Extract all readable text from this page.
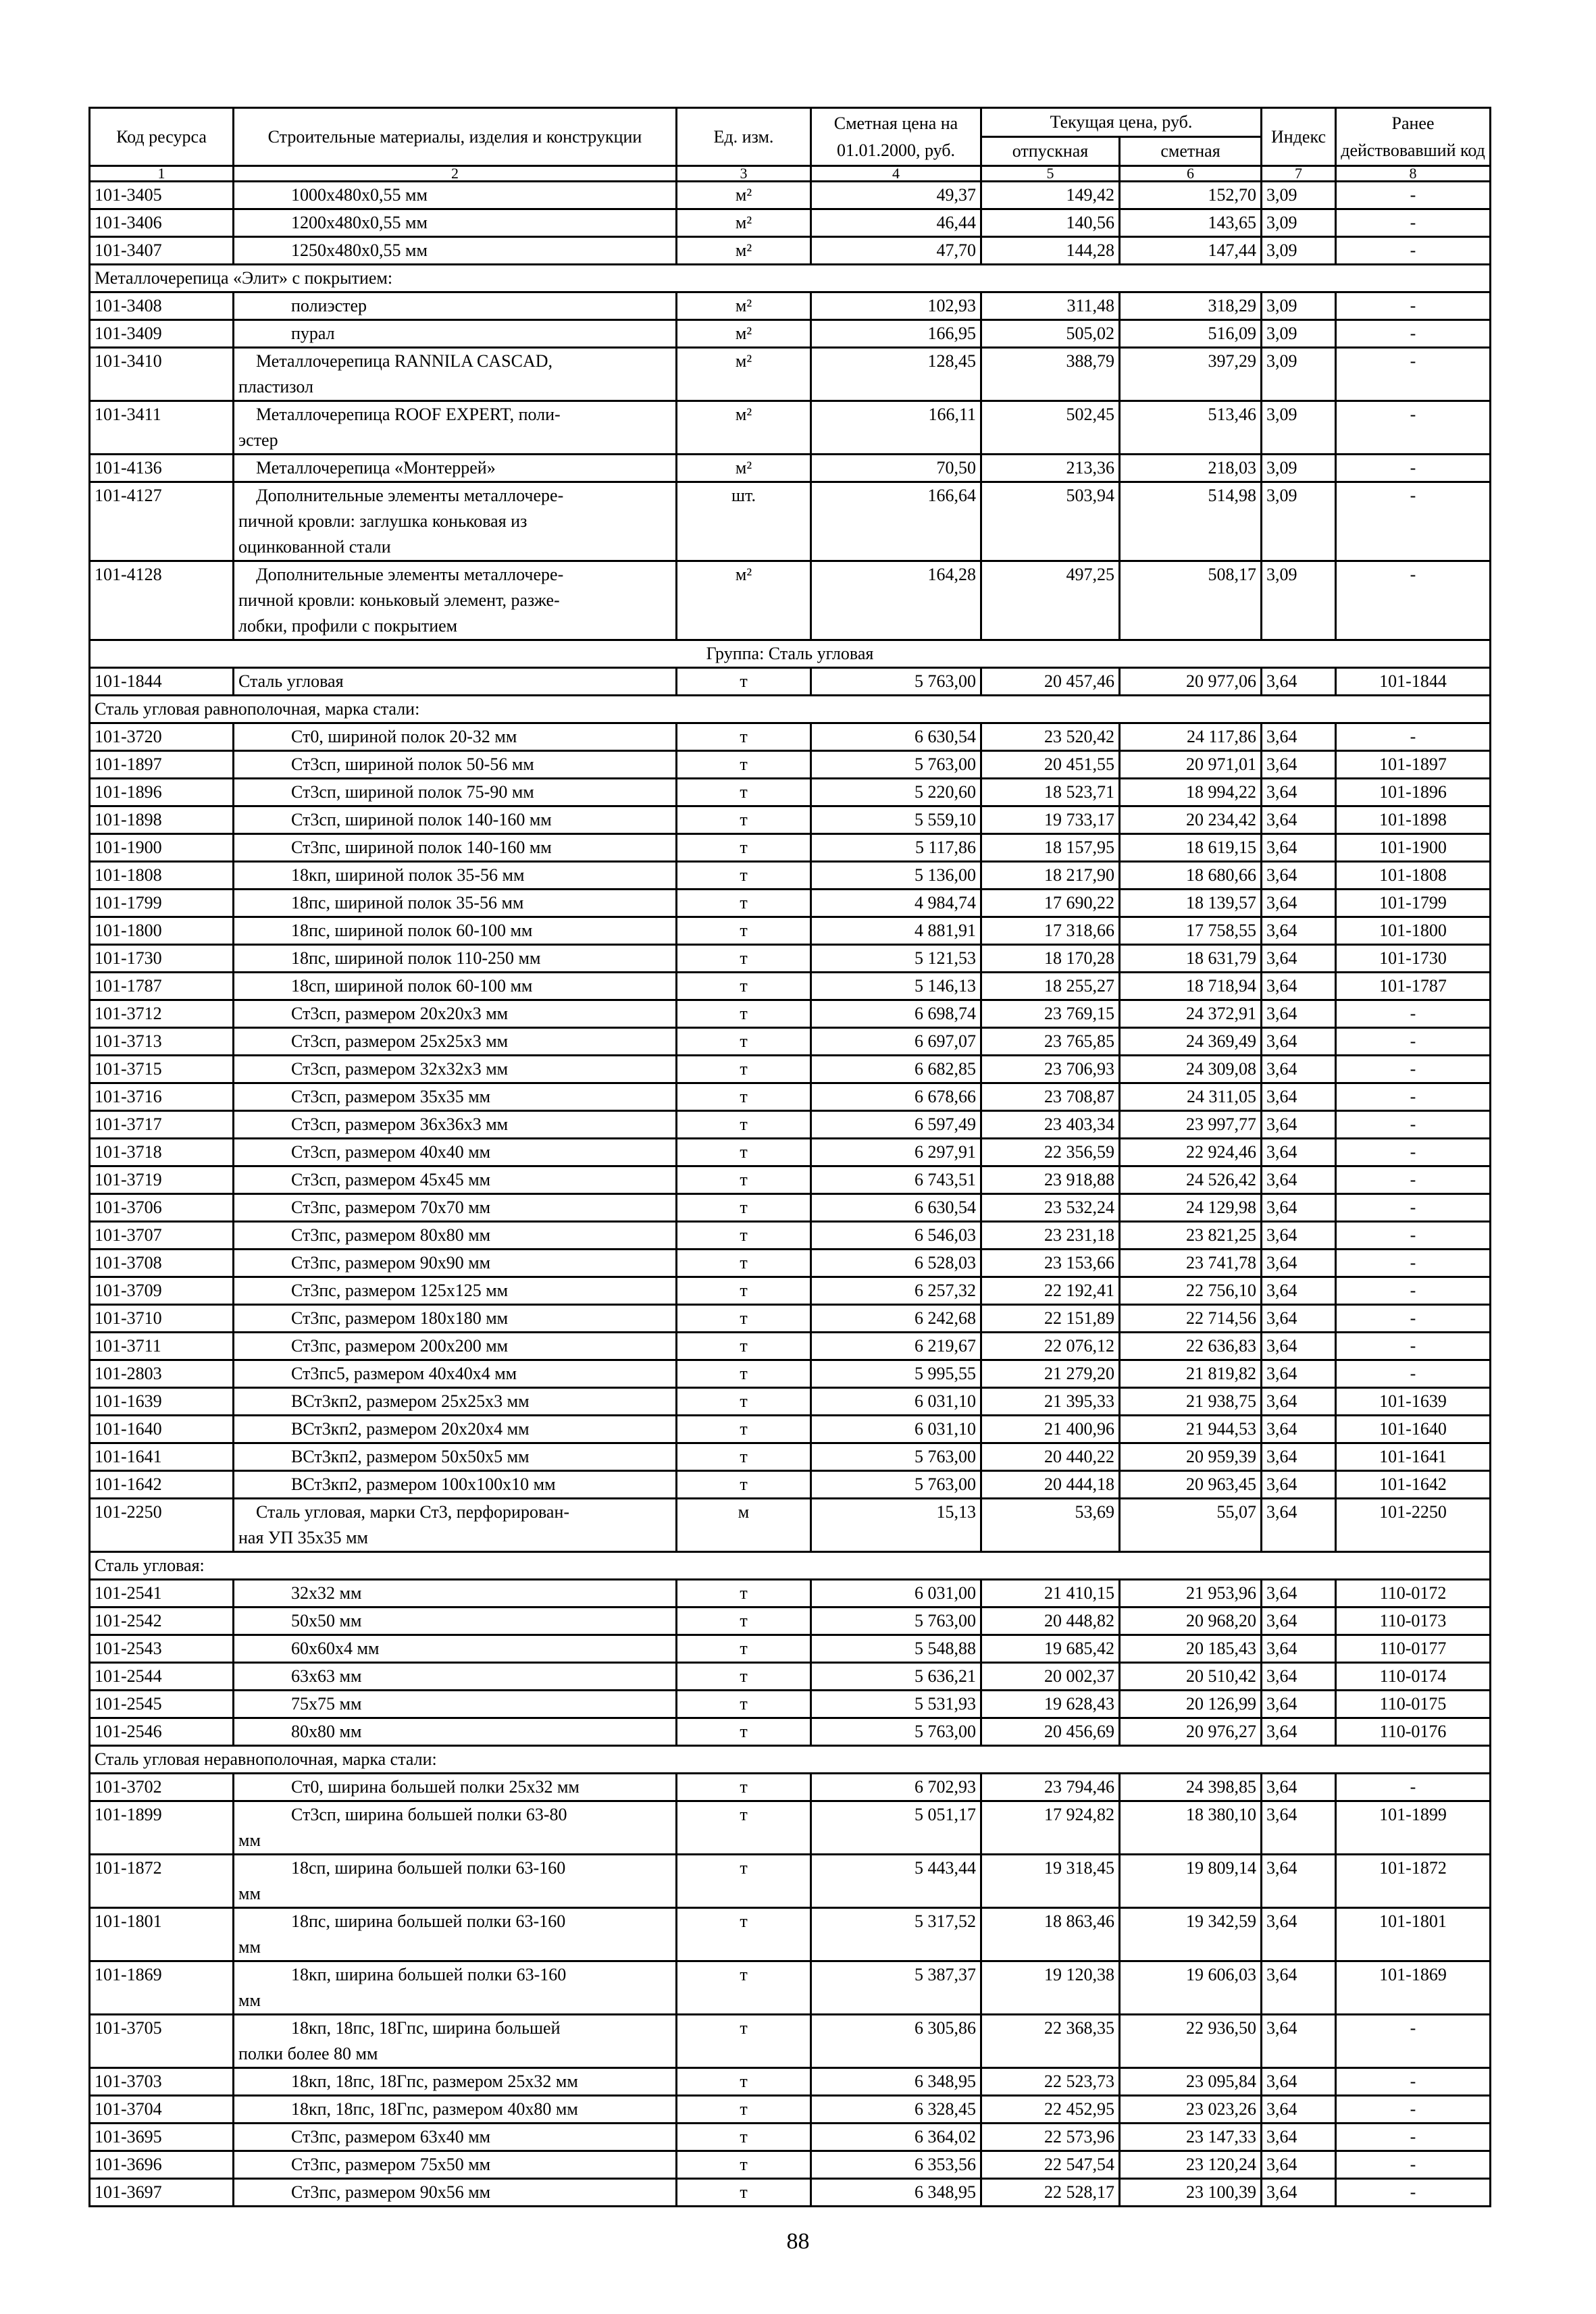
Код ресурса	Строительные материалы, изделия и конструкции	Ед. изм.	Сметная цена на 01.01.2000, руб.	Текущая цена, руб.		Индекс	Ранее действовавший код
				отпускная	сметная		
1	2	3	4	5	6	7	8
101-3405	1000х480х0,55 мм	м²	49,37	149,42	152,70	3,09	-
101-3406	1200х480х0,55 мм	м²	46,44	140,56	143,65	3,09	-
101-3407	1250х480х0,55 мм	м²	47,70	144,28	147,44	3,09	-
Металлочерепица «Элит» с покрытием:							
101-3408	полиэстер	м²	102,93	311,48	318,29	3,09	-
101-3409	пурал	м²	166,95	505,02	516,09	3,09	-
101-3410	Металлочерепица RANNILA CASCAD,
пластизол	м²	128,45	388,79	397,29	3,09	-
101-3411	Металлочерепица ROOF EXPERT, поли-
эстер	м²	166,11	502,45	513,46	3,09	-
101-4136	Металлочерепица «Монтеррей»	м²	70,50	213,36	218,03	3,09	-
101-4127	Дополнительные элементы металлочере-
пичной кровли: заглушка коньковая из
оцинкованной стали	шт.	166,64	503,94	514,98	3,09	-
101-4128	Дополнительные элементы металлочере-
пичной кровли: коньковый элемент, разже-
лобки, профили с покрытием	м²	164,28	497,25	508,17	3,09	-
Группа: Сталь угловая							
101-1844	Сталь угловая	т	5 763,00	20 457,46	20 977,06	3,64	101-1844
Сталь угловая равнополочная, марка стали:							
101-3720	Ст0, шириной полок 20-32 мм	т	6 630,54	23 520,42	24 117,86	3,64	-
101-1897	Ст3сп, шириной полок 50-56 мм	т	5 763,00	20 451,55	20 971,01	3,64	101-1897
101-1896	Ст3сп, шириной полок 75-90 мм	т	5 220,60	18 523,71	18 994,22	3,64	101-1896
101-1898	Ст3сп, шириной полок 140-160 мм	т	5 559,10	19 733,17	20 234,42	3,64	101-1898
101-1900	Ст3пс, шириной полок 140-160 мм	т	5 117,86	18 157,95	18 619,15	3,64	101-1900
101-1808	18кп, шириной полок 35-56 мм	т	5 136,00	18 217,90	18 680,66	3,64	101-1808
101-1799	18пс, шириной полок 35-56 мм	т	4 984,74	17 690,22	18 139,57	3,64	101-1799
101-1800	18пс, шириной полок 60-100 мм	т	4 881,91	17 318,66	17 758,55	3,64	101-1800
101-1730	18пс, шириной полок 110-250 мм	т	5 121,53	18 170,28	18 631,79	3,64	101-1730
101-1787	18сп, шириной полок 60-100 мм	т	5 146,13	18 255,27	18 718,94	3,64	101-1787
101-3712	Ст3сп, размером 20х20х3 мм	т	6 698,74	23 769,15	24 372,91	3,64	-
101-3713	Ст3сп, размером 25х25х3 мм	т	6 697,07	23 765,85	24 369,49	3,64	-
101-3715	Ст3сп, размером 32х32х3 мм	т	6 682,85	23 706,93	24 309,08	3,64	-
101-3716	Ст3сп, размером 35х35 мм	т	6 678,66	23 708,87	24 311,05	3,64	-
101-3717	Ст3сп, размером 36х36х3 мм	т	6 597,49	23 403,34	23 997,77	3,64	-
101-3718	Ст3сп, размером 40х40 мм	т	6 297,91	22 356,59	22 924,46	3,64	-
101-3719	Ст3сп, размером 45х45 мм	т	6 743,51	23 918,88	24 526,42	3,64	-
101-3706	Ст3пс, размером 70х70 мм	т	6 630,54	23 532,24	24 129,98	3,64	-
101-3707	Ст3пс, размером 80х80 мм	т	6 546,03	23 231,18	23 821,25	3,64	-
101-3708	Ст3пс, размером 90х90 мм	т	6 528,03	23 153,66	23 741,78	3,64	-
101-3709	Ст3пс, размером 125х125 мм	т	6 257,32	22 192,41	22 756,10	3,64	-
101-3710	Ст3пс, размером 180х180 мм	т	6 242,68	22 151,89	22 714,56	3,64	-
101-3711	Ст3пс, размером 200х200 мм	т	6 219,67	22 076,12	22 636,83	3,64	-
101-2803	Ст3пс5, размером 40х40х4 мм	т	5 995,55	21 279,20	21 819,82	3,64	-
101-1639	ВСт3кп2, размером 25х25х3 мм	т	6 031,10	21 395,33	21 938,75	3,64	101-1639
101-1640	ВСт3кп2, размером 20х20х4 мм	т	6 031,10	21 400,96	21 944,53	3,64	101-1640
101-1641	ВСт3кп2, размером 50х50х5 мм	т	5 763,00	20 440,22	20 959,39	3,64	101-1641
101-1642	ВСт3кп2, размером 100х100х10 мм	т	5 763,00	20 444,18	20 963,45	3,64	101-1642
101-2250	Сталь угловая, марки Ст3, перфорирован-
ная УП 35х35 мм	м	15,13	53,69	55,07	3,64	101-2250
Сталь угловая:							
101-2541	32х32 мм	т	6 031,00	21 410,15	21 953,96	3,64	110-0172
101-2542	50х50 мм	т	5 763,00	20 448,82	20 968,20	3,64	110-0173
101-2543	60х60х4 мм	т	5 548,88	19 685,42	20 185,43	3,64	110-0177
101-2544	63х63 мм	т	5 636,21	20 002,37	20 510,42	3,64	110-0174
101-2545	75х75 мм	т	5 531,93	19 628,43	20 126,99	3,64	110-0175
101-2546	80х80 мм	т	5 763,00	20 456,69	20 976,27	3,64	110-0176
Сталь угловая неравнополочная, марка стали:							
101-3702	Ст0, ширина большей полки 25х32 мм	т	6 702,93	23 794,46	24 398,85	3,64	-
101-1899	Ст3сп, ширина большей полки 63-80
мм	т	5 051,17	17 924,82	18 380,10	3,64	101-1899
101-1872	18сп, ширина большей полки 63-160
мм	т	5 443,44	19 318,45	19 809,14	3,64	101-1872
101-1801	18пс, ширина большей полки 63-160
мм	т	5 317,52	18 863,46	19 342,59	3,64	101-1801
101-1869	18кп, ширина большей полки 63-160
мм	т	5 387,37	19 120,38	19 606,03	3,64	101-1869
101-3705	18кп, 18пс, 18Гпс, ширина большей
полки более 80 мм	т	6 305,86	22 368,35	22 936,50	3,64	-
101-3703	18кп, 18пс, 18Гпс, размером 25х32 мм	т	6 348,95	22 523,73	23 095,84	3,64	-
101-3704	18кп, 18пс, 18Гпс, размером 40х80 мм	т	6 328,45	22 452,95	23 023,26	3,64	-
101-3695	Ст3пс, размером 63х40 мм	т	6 364,02	22 573,96	23 147,33	3,64	-
101-3696	Ст3пс, размером 75х50 мм	т	6 353,56	22 547,54	23 120,24	3,64	-
101-3697	Ст3пс, размером 90х56 мм	т	6 348,95	22 528,17	23 100,39	3,64	-
88
